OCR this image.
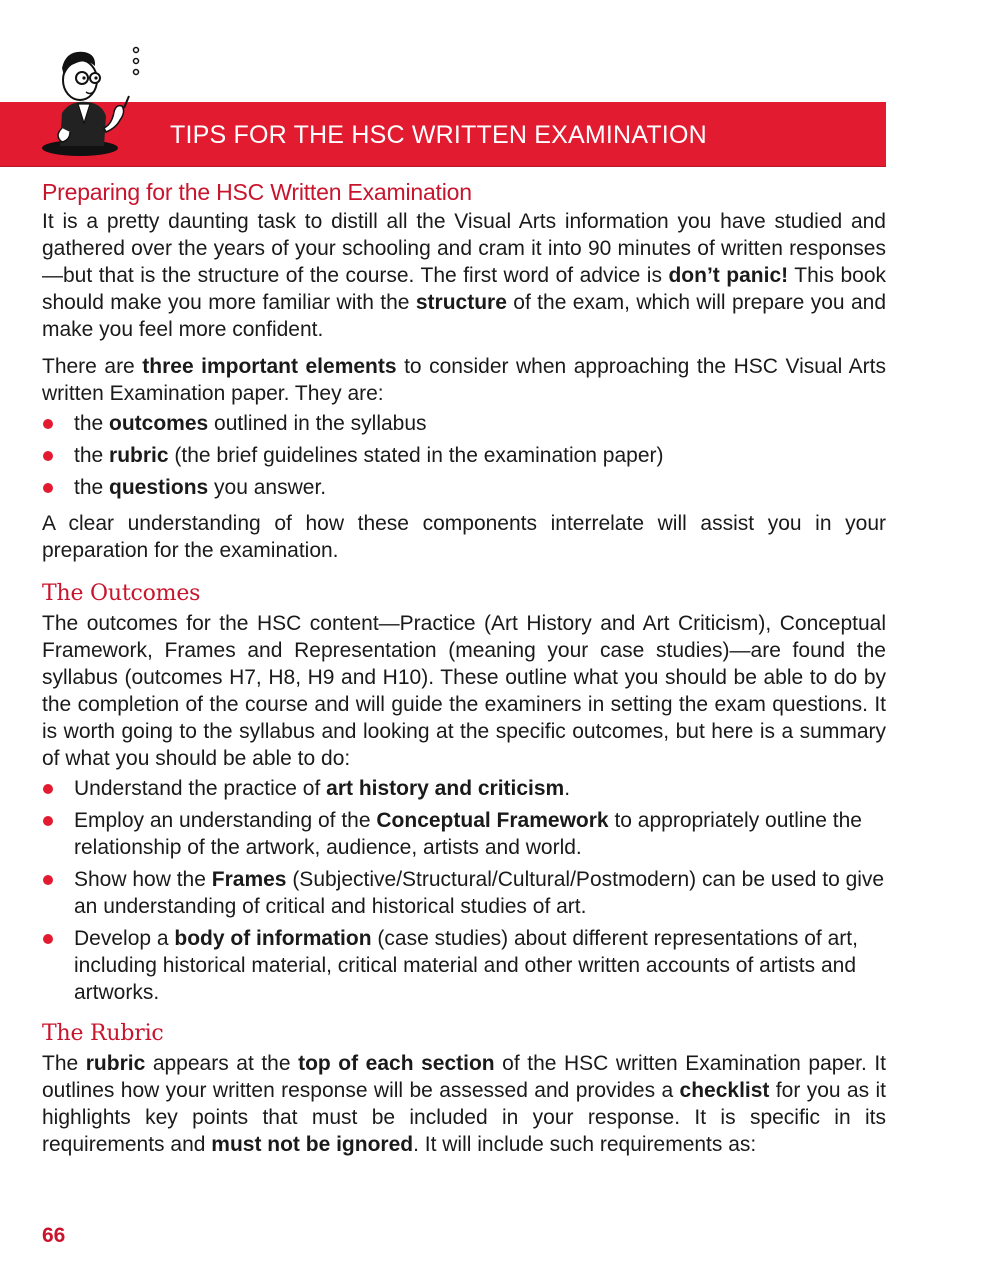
TIPS FOR THE HSC WRITTEN EXAMINATION
Preparing for the HSC Written Examination

It is a pretty daunting task to distill all the Visual Arts information you have studied and gathered over the years of your schooling and cram it into 90 minutes of written responses—but that is the structure of the course. The first word of advice is don’t panic! This book should make you more familiar with the structure of the exam, which will prepare you and make you feel more confident.

There are three important elements to consider when approaching the HSC Visual Arts written Examination paper. They are:

the outcomes outlined in the syllabus
the rubric (the brief guidelines stated in the examination paper)
the questions you answer.

A clear understanding of how these components interrelate will assist you in your preparation for the examination.

The Outcomes

The outcomes for the HSC content—Practice (Art History and Art Criticism), Conceptual Framework, Frames and Representation (meaning your case studies)—are found the syllabus (outcomes H7, H8, H9 and H10). These outline what you should be able to do by the completion of the course and will guide the examiners in setting the exam questions. It is worth going to the syllabus and looking at the specific outcomes, but here is a summary of what you should be able to do:

Understand the practice of art history and criticism.
Employ an understanding of the Conceptual Framework to appropriately outline the relationship of the artwork, audience, artists and world.
Show how the Frames (Subjective/Structural/Cultural/Postmodern) can be used to give an understanding of critical and historical studies of art.
Develop a body of information (case studies) about different representations of art, including historical material, critical material and other written accounts of artists and artworks.
The Rubric

The rubric appears at the top of each section of the HSC written Examination paper. It outlines how your written response will be assessed and provides a checklist for you as it highlights key points that must be included in your response. It is specific in its requirements and must not be ignored. It will include such requirements as:

66
